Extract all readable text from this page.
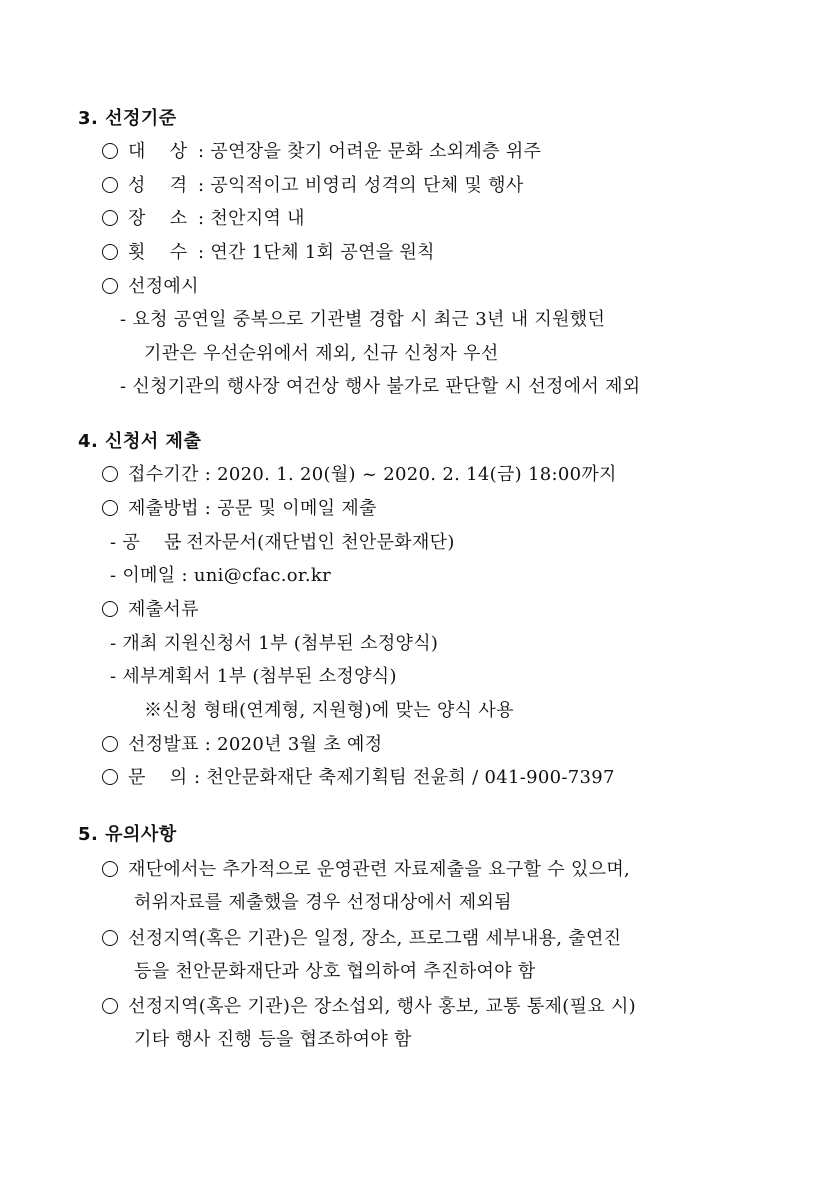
3. 선정기준
대    상 : 공연장을 찾기 어려운 문화 소외계층 위주
성    격 : 공익적이고 비영리 성격의 단체 및 행사
장    소 : 천안지역 내
횟    수 : 연간 1단체 1회 공연을 원칙
선정예시
- 요청 공연일 중복으로 기관별 경합 시 최근 3년 내 지원했던
기관은 우선순위에서 제외, 신규 신청자 우선
- 신청기관의 행사장 여건상 행사 불가로 판단할 시 선정에서 제외
4. 신청서 제출
접수기간 : 2020. 1. 20(월) ~ 2020. 2. 14(금) 18:00까지
제출방법 : 공문 및 이메일 제출
- 공    문: 전자문서(재단법인 천안문화재단)
- 이메일 : uni@cfac.or.kr
제출서류
- 개최 지원신청서 1부 (첨부된 소정양식)
- 세부계획서 1부 (첨부된 소정양식)
※신청 형태(연계형, 지원형)에 맞는 양식 사용
선정발표 : 2020년 3월 초 예정
문    의 : 천안문화재단 축제기획팀 전윤희 / 041-900-7397
5. 유의사항
재단에서는 추가적으로 운영관련 자료제출을 요구할 수 있으며,
허위자료를 제출했을 경우 선정대상에서 제외됨
선정지역(혹은 기관)은 일정, 장소, 프로그램 세부내용, 출연진
등을 천안문화재단과 상호 협의하여 추진하여야 함
선정지역(혹은 기관)은 장소섭외, 행사 홍보, 교통 통제(필요 시)
기타 행사 진행 등을 협조하여야 함
